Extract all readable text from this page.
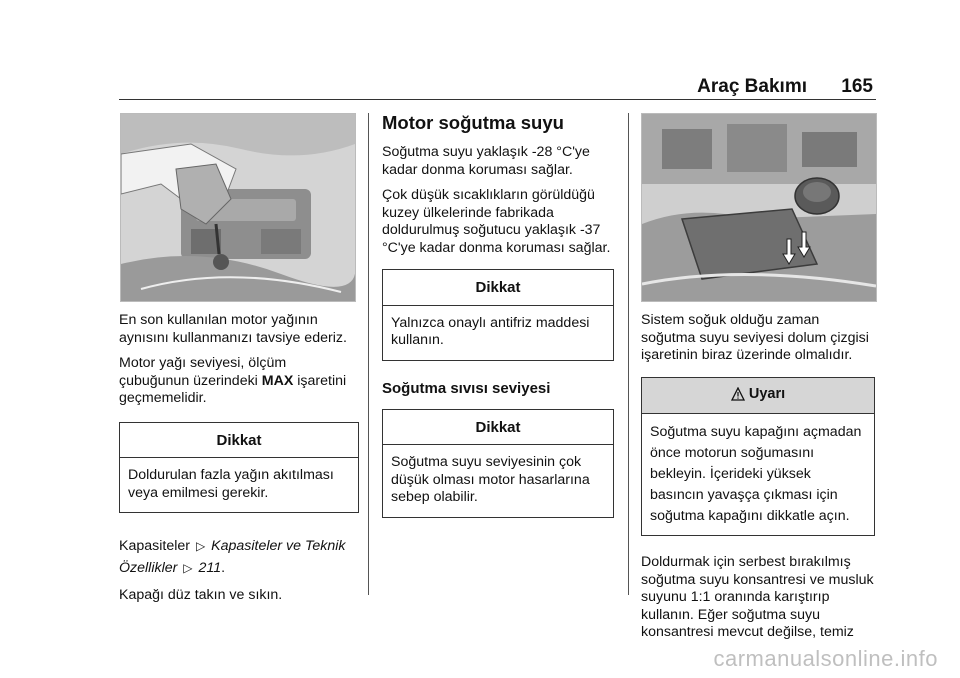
Araç Bakımı 165

En son kullanılan motor yağının aynısını kullanmanızı tavsiye ederiz.

Motor yağı seviyesi, ölçüm çubuğunun üzerindeki MAX işaretini geçmemelidir.

Dikkat
Doldurulan fazla yağın akıtılması veya emilmesi gerekir.

Kapasiteler ▷ Kapasiteler ve Teknik Özellikler ▷ 211.

Kapağı düz takın ve sıkın.

Motor soğutma suyu

Soğutma suyu yaklaşık -28 °C'ye kadar donma koruması sağlar.

Çok düşük sıcaklıkların görüldüğü kuzey ülkelerinde fabrikada doldurulmuş soğutucu yaklaşık -37 °C'ye kadar donma koruması sağlar.

Dikkat
Yalnızca onaylı antifriz maddesi kullanın.
Soğutma sıvısı seviyesi
Dikkat
Soğutma suyu seviyesinin çok düşük olması motor hasarlarına sebep olabilir.

Sistem soğuk olduğu zaman soğutma suyu seviyesi dolum çizgisi işaretinin biraz üzerinde olmalıdır.

Uyarı
Soğutma suyu kapağını açmadan önce motorun soğumasını bekleyin. İçerideki yüksek basıncın yavaşça çıkması için soğutma kapağını dikkatle açın.

Doldurmak için serbest bırakılmış soğutma suyu konsantresi ve musluk suyunu 1:1 oranında karıştırıp kullanın. Eğer soğutma suyu konsantresi mevcut değilse, temiz

carmanualsonline.info
